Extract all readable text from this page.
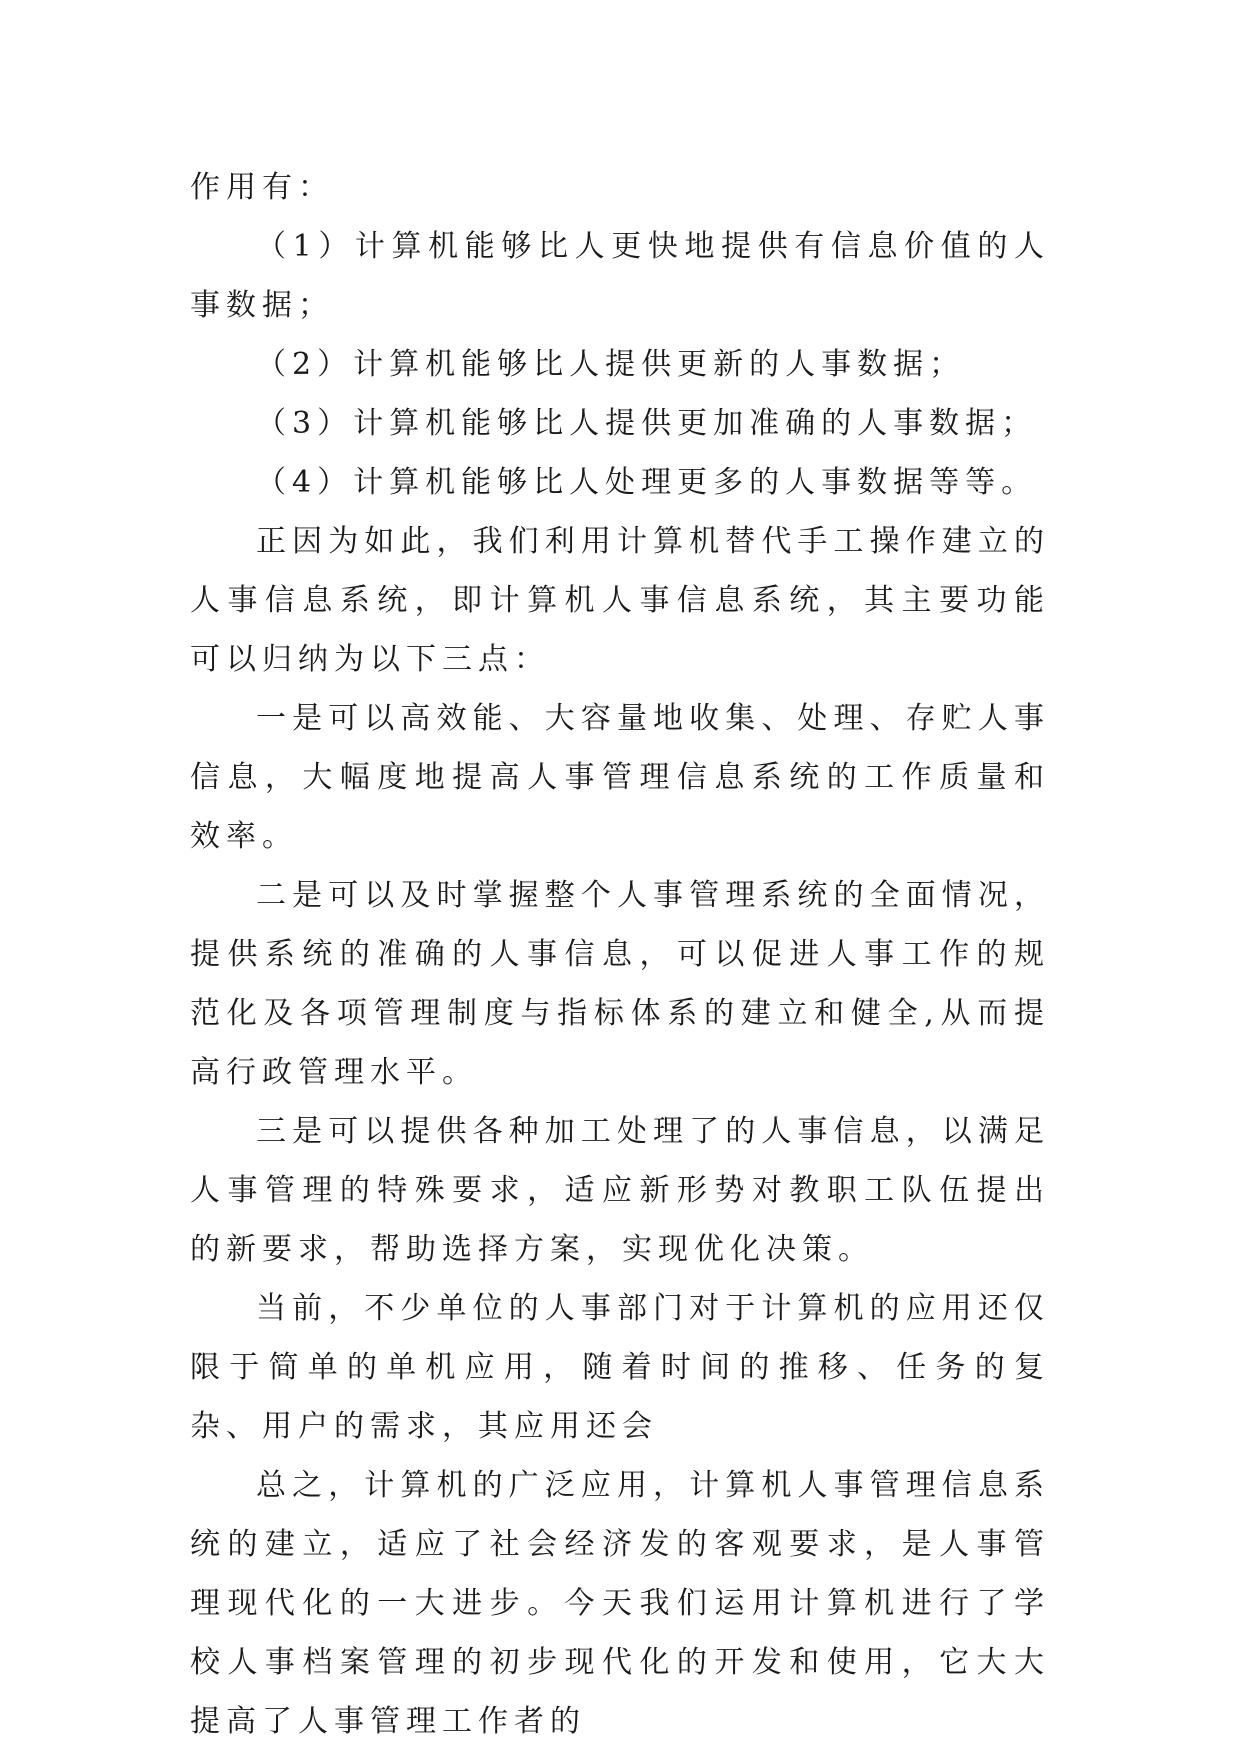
作用有：

（1）计算机能够比人更快地提供有信息价值的人事数据；

（2）计算机能够比人提供更新的人事数据；

（3）计算机能够比人提供更加准确的人事数据；

（4）计算机能够比人处理更多的人事数据等等。

正因为如此，我们利用计算机替代手工操作建立的人事信息系统，即计算机人事信息系统，其主要功能可以归纳为以下三点：

一是可以高效能、大容量地收集、处理、存贮人事信息，大幅度地提高人事管理信息系统的工作质量和效率。

二是可以及时掌握整个人事管理系统的全面情况，提供系统的准确的人事信息，可以促进人事工作的规范化及各项管理制度与指标体系的建立和健全,从而提高行政管理水平。

三是可以提供各种加工处理了的人事信息，以满足人事管理的特殊要求，适应新形势对教职工队伍提出的新要求，帮助选择方案，实现优化决策。

当前，不少单位的人事部门对于计算机的应用还仅限于简单的单机应用，随着时间的推移、任务的复杂、用户的需求，其应用还会

总之，计算机的广泛应用，计算机人事管理信息系统的建立，适应了社会经济发的客观要求，是人事管理现代化的一大进步。今天我们运用计算机进行了学校人事档案管理的初步现代化的开发和使用，它大大提高了人事管理工作者的
